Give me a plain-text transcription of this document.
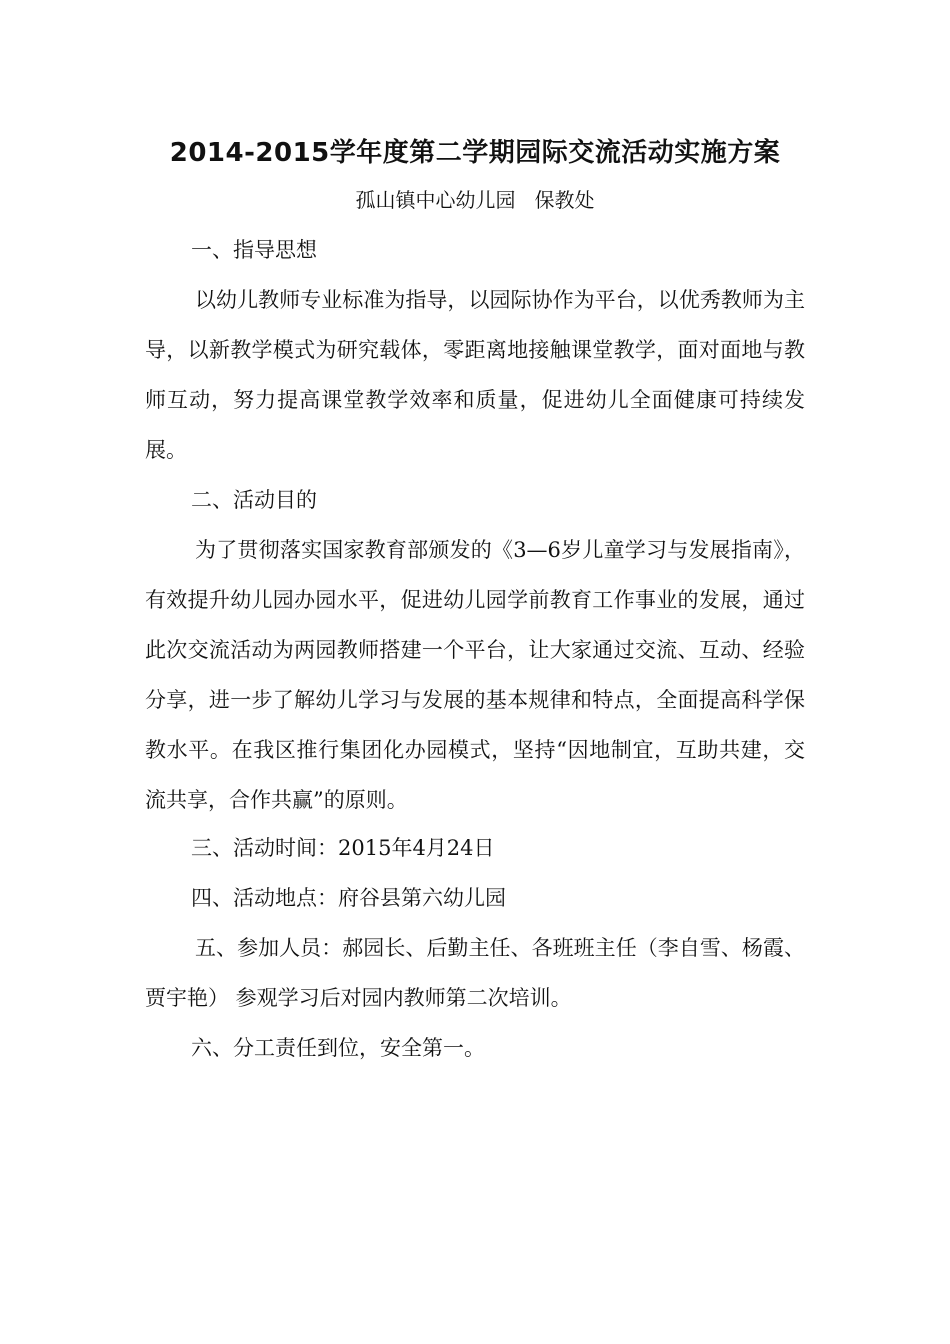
2014-2015学年度第二学期园际交流活动实施方案
孤山镇中心幼儿园   保教处
一、指导思想
以幼儿教师专业标准为指导，以园际协作为平台，以优秀教师为主导，以新教学模式为研究载体，零距离地接触课堂教学，面对面地与教师互动，努力提高课堂教学效率和质量，促进幼儿全面健康可持续发展。
二、活动目的
为了贯彻落实国家教育部颁发的《3—6岁儿童学习与发展指南》，有效提升幼儿园办园水平，促进幼儿园学前教育工作事业的发展，通过此次交流活动为两园教师搭建一个平台，让大家通过交流、互动、经验分享，进一步了解幼儿学习与发展的基本规律和特点，全面提高科学保教水平。在我区推行集团化办园模式，坚持“因地制宜，互助共建，交流共享，合作共赢”的原则。
三、活动时间：2015年4月24日
四、活动地点：府谷县第六幼儿园
五、参加人员：郝园长、后勤主任、各班班主任（李自雪、杨霞、贾宇艳） 参观学习后对园内教师第二次培训。
六、分工责任到位，安全第一。
